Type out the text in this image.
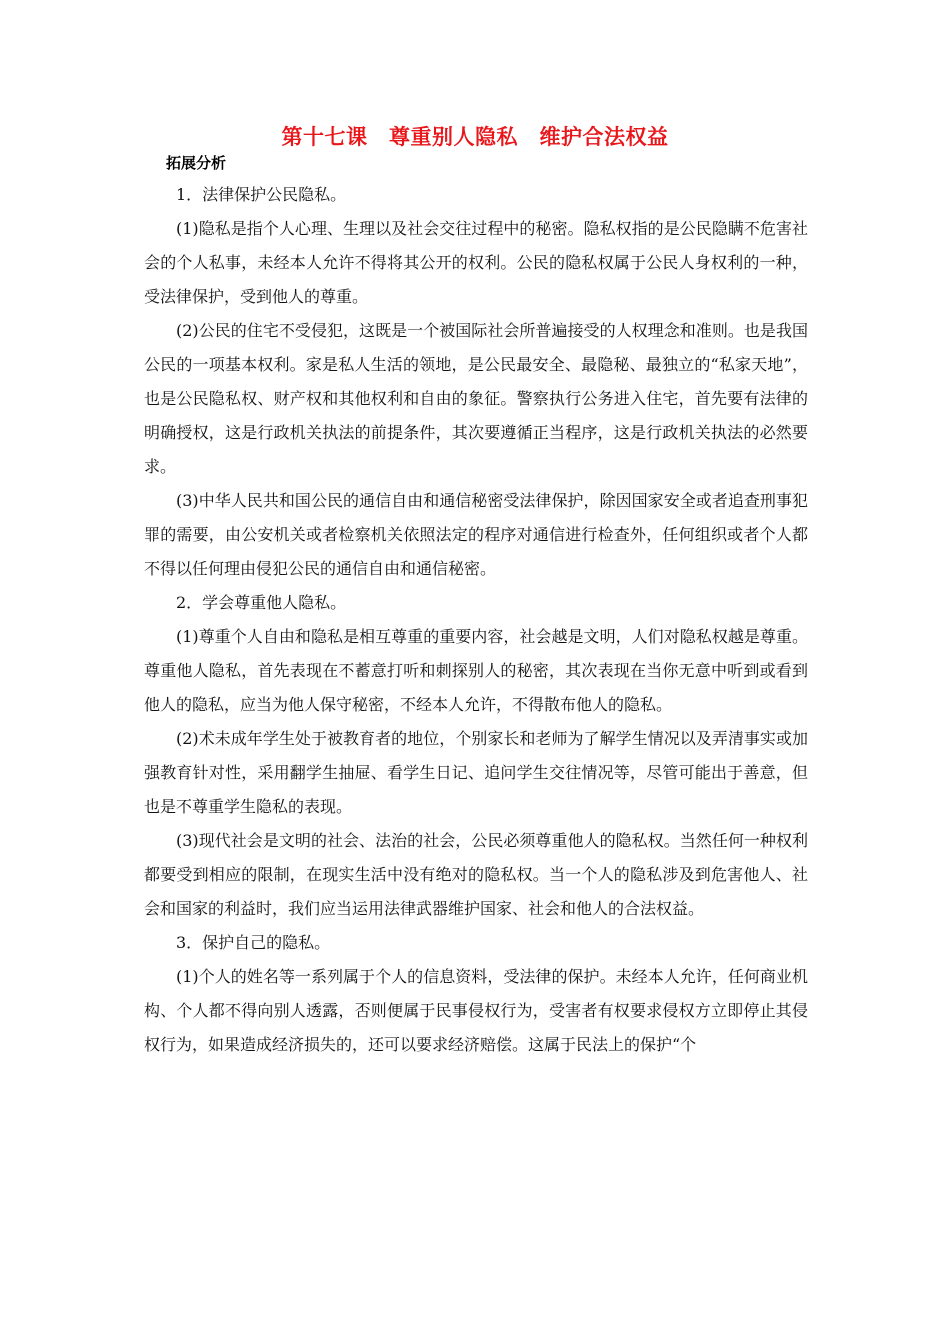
第十七课　尊重别人隐私　维护合法权益
拓展分析

1．法律保护公民隐私。

(1)隐私是指个人心理、生理以及社会交往过程中的秘密。隐私权指的是公民隐瞒不危害社会的个人私事，未经本人允许不得将其公开的权利。公民的隐私权属于公民人身权利的一种，受法律保护，受到他人的尊重。

(2)公民的住宅不受侵犯，这既是一个被国际社会所普遍接受的人权理念和准则。也是我国公民的一项基本权利。家是私人生活的领地，是公民最安全、最隐秘、最独立的“私家天地”，也是公民隐私权、财产权和其他权利和自由的象征。警察执行公务进入住宅，首先要有法律的明确授权，这是行政机关执法的前提条件，其次要遵循正当程序，这是行政机关执法的必然要求。

(3)中华人民共和国公民的通信自由和通信秘密受法律保护，除因国家安全或者追查刑事犯罪的需要，由公安机关或者检察机关依照法定的程序对通信进行检查外，任何组织或者个人都不得以任何理由侵犯公民的通信自由和通信秘密。

2．学会尊重他人隐私。

(1)尊重个人自由和隐私是相互尊重的重要内容，社会越是文明，人们对隐私权越是尊重。尊重他人隐私，首先表现在不蓄意打听和刺探别人的秘密，其次表现在当你无意中听到或看到他人的隐私，应当为他人保守秘密，不经本人允许，不得散布他人的隐私。

(2)术未成年学生处于被教育者的地位，个别家长和老师为了解学生情况以及弄清事实或加强教育针对性，采用翻学生抽屉、看学生日记、追问学生交往情况等，尽管可能出于善意，但也是不尊重学生隐私的表现。

(3)现代社会是文明的社会、法治的社会，公民必须尊重他人的隐私权。当然任何一种权利都要受到相应的限制，在现实生活中没有绝对的隐私权。当一个人的隐私涉及到危害他人、社会和国家的利益时，我们应当运用法律武器维护国家、社会和他人的合法权益。

3．保护自己的隐私。

(1)个人的姓名等一系列属于个人的信息资料，受法律的保护。未经本人允许，任何商业机构、个人都不得向别人透露，否则便属于民事侵权行为，受害者有权要求侵权方立即停止其侵权行为，如果造成经济损失的，还可以要求经济赔偿。这属于民法上的保护“个
